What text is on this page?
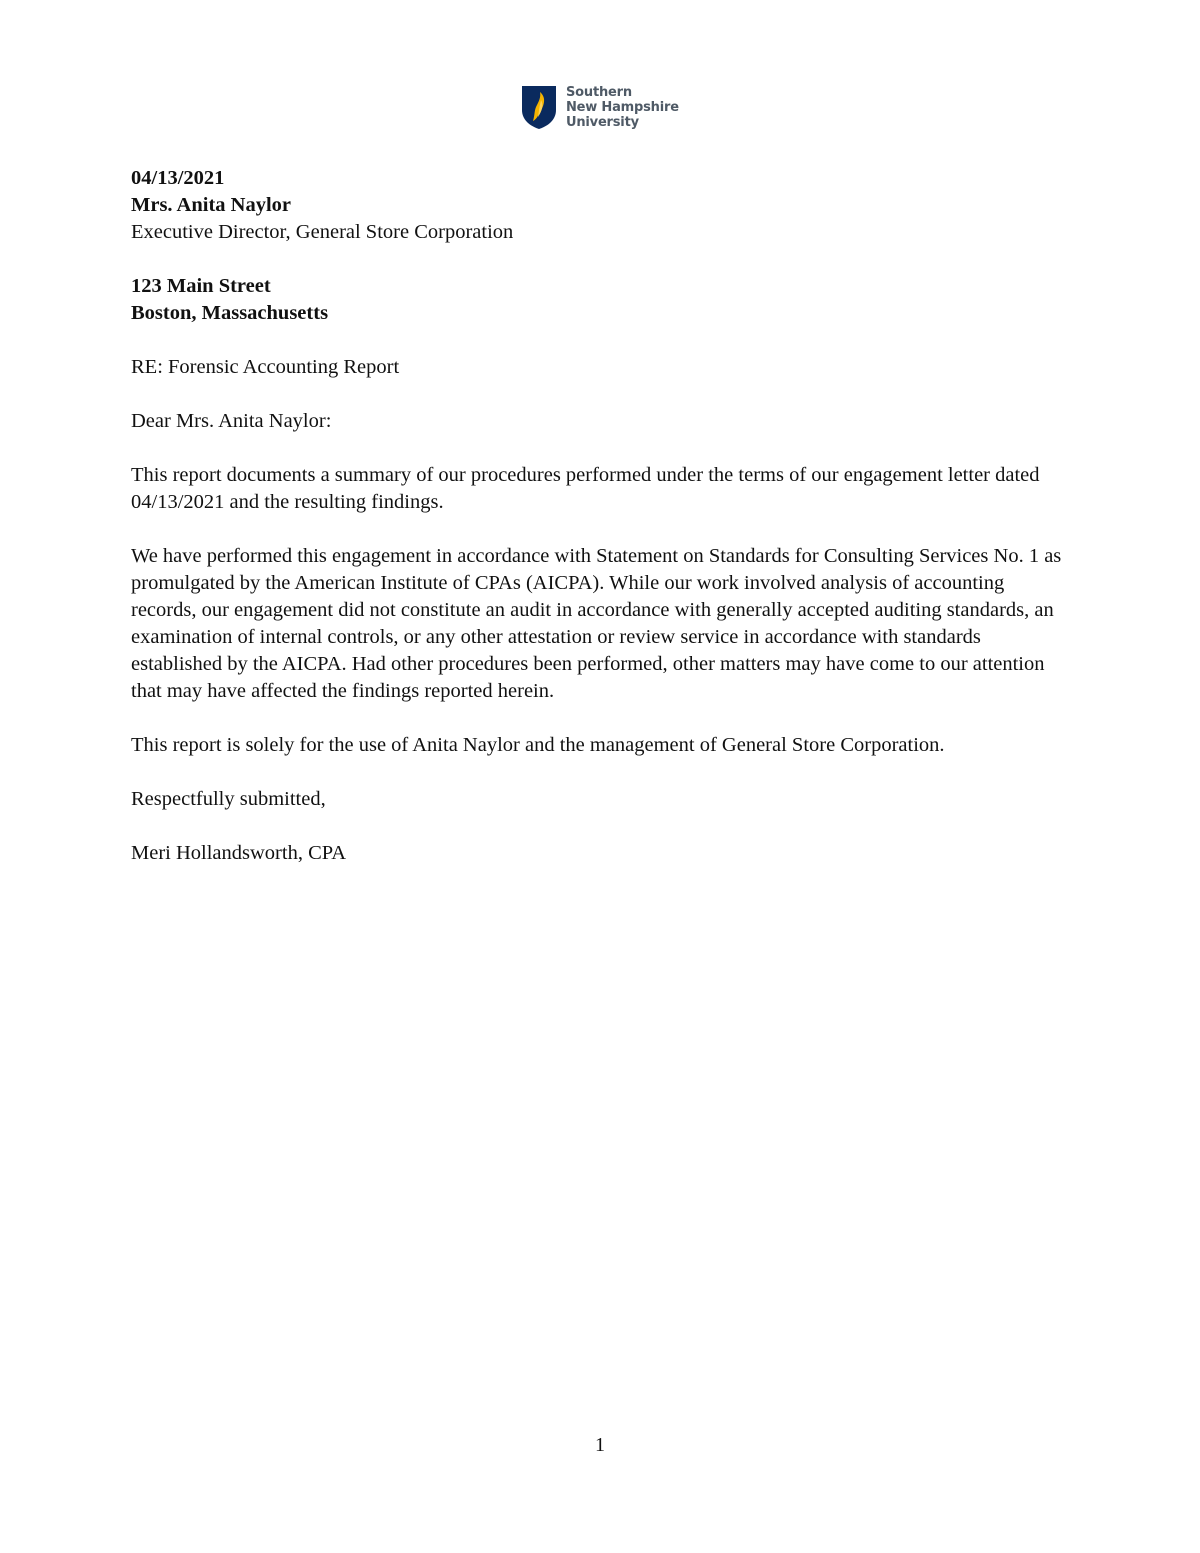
Southern
New Hampshire
University
04/13/2021
Mrs. Anita Naylor
Executive Director, General Store Corporation
123 Main Street
Boston, Massachusetts
RE: Forensic Accounting Report
Dear Mrs. Anita Naylor:

This report documents a summary of our procedures performed under the terms of our engagement letter dated 04/13/2021 and the resulting findings.

We have performed this engagement in accordance with Statement on Standards for Consulting Services No. 1 as promulgated by the American Institute of CPAs (AICPA). While our work involved analysis of accounting records, our engagement did not constitute an audit in accordance with generally accepted auditing standards, an examination of internal controls, or any other attestation or review service in accordance with standards established by the AICPA. Had other procedures been performed, other matters may have come to our attention that may have affected the findings reported herein.

This report is solely for the use of Anita Naylor and the management of General Store Corporation.

Respectfully submitted,
Meri Hollandsworth, CPA
1
